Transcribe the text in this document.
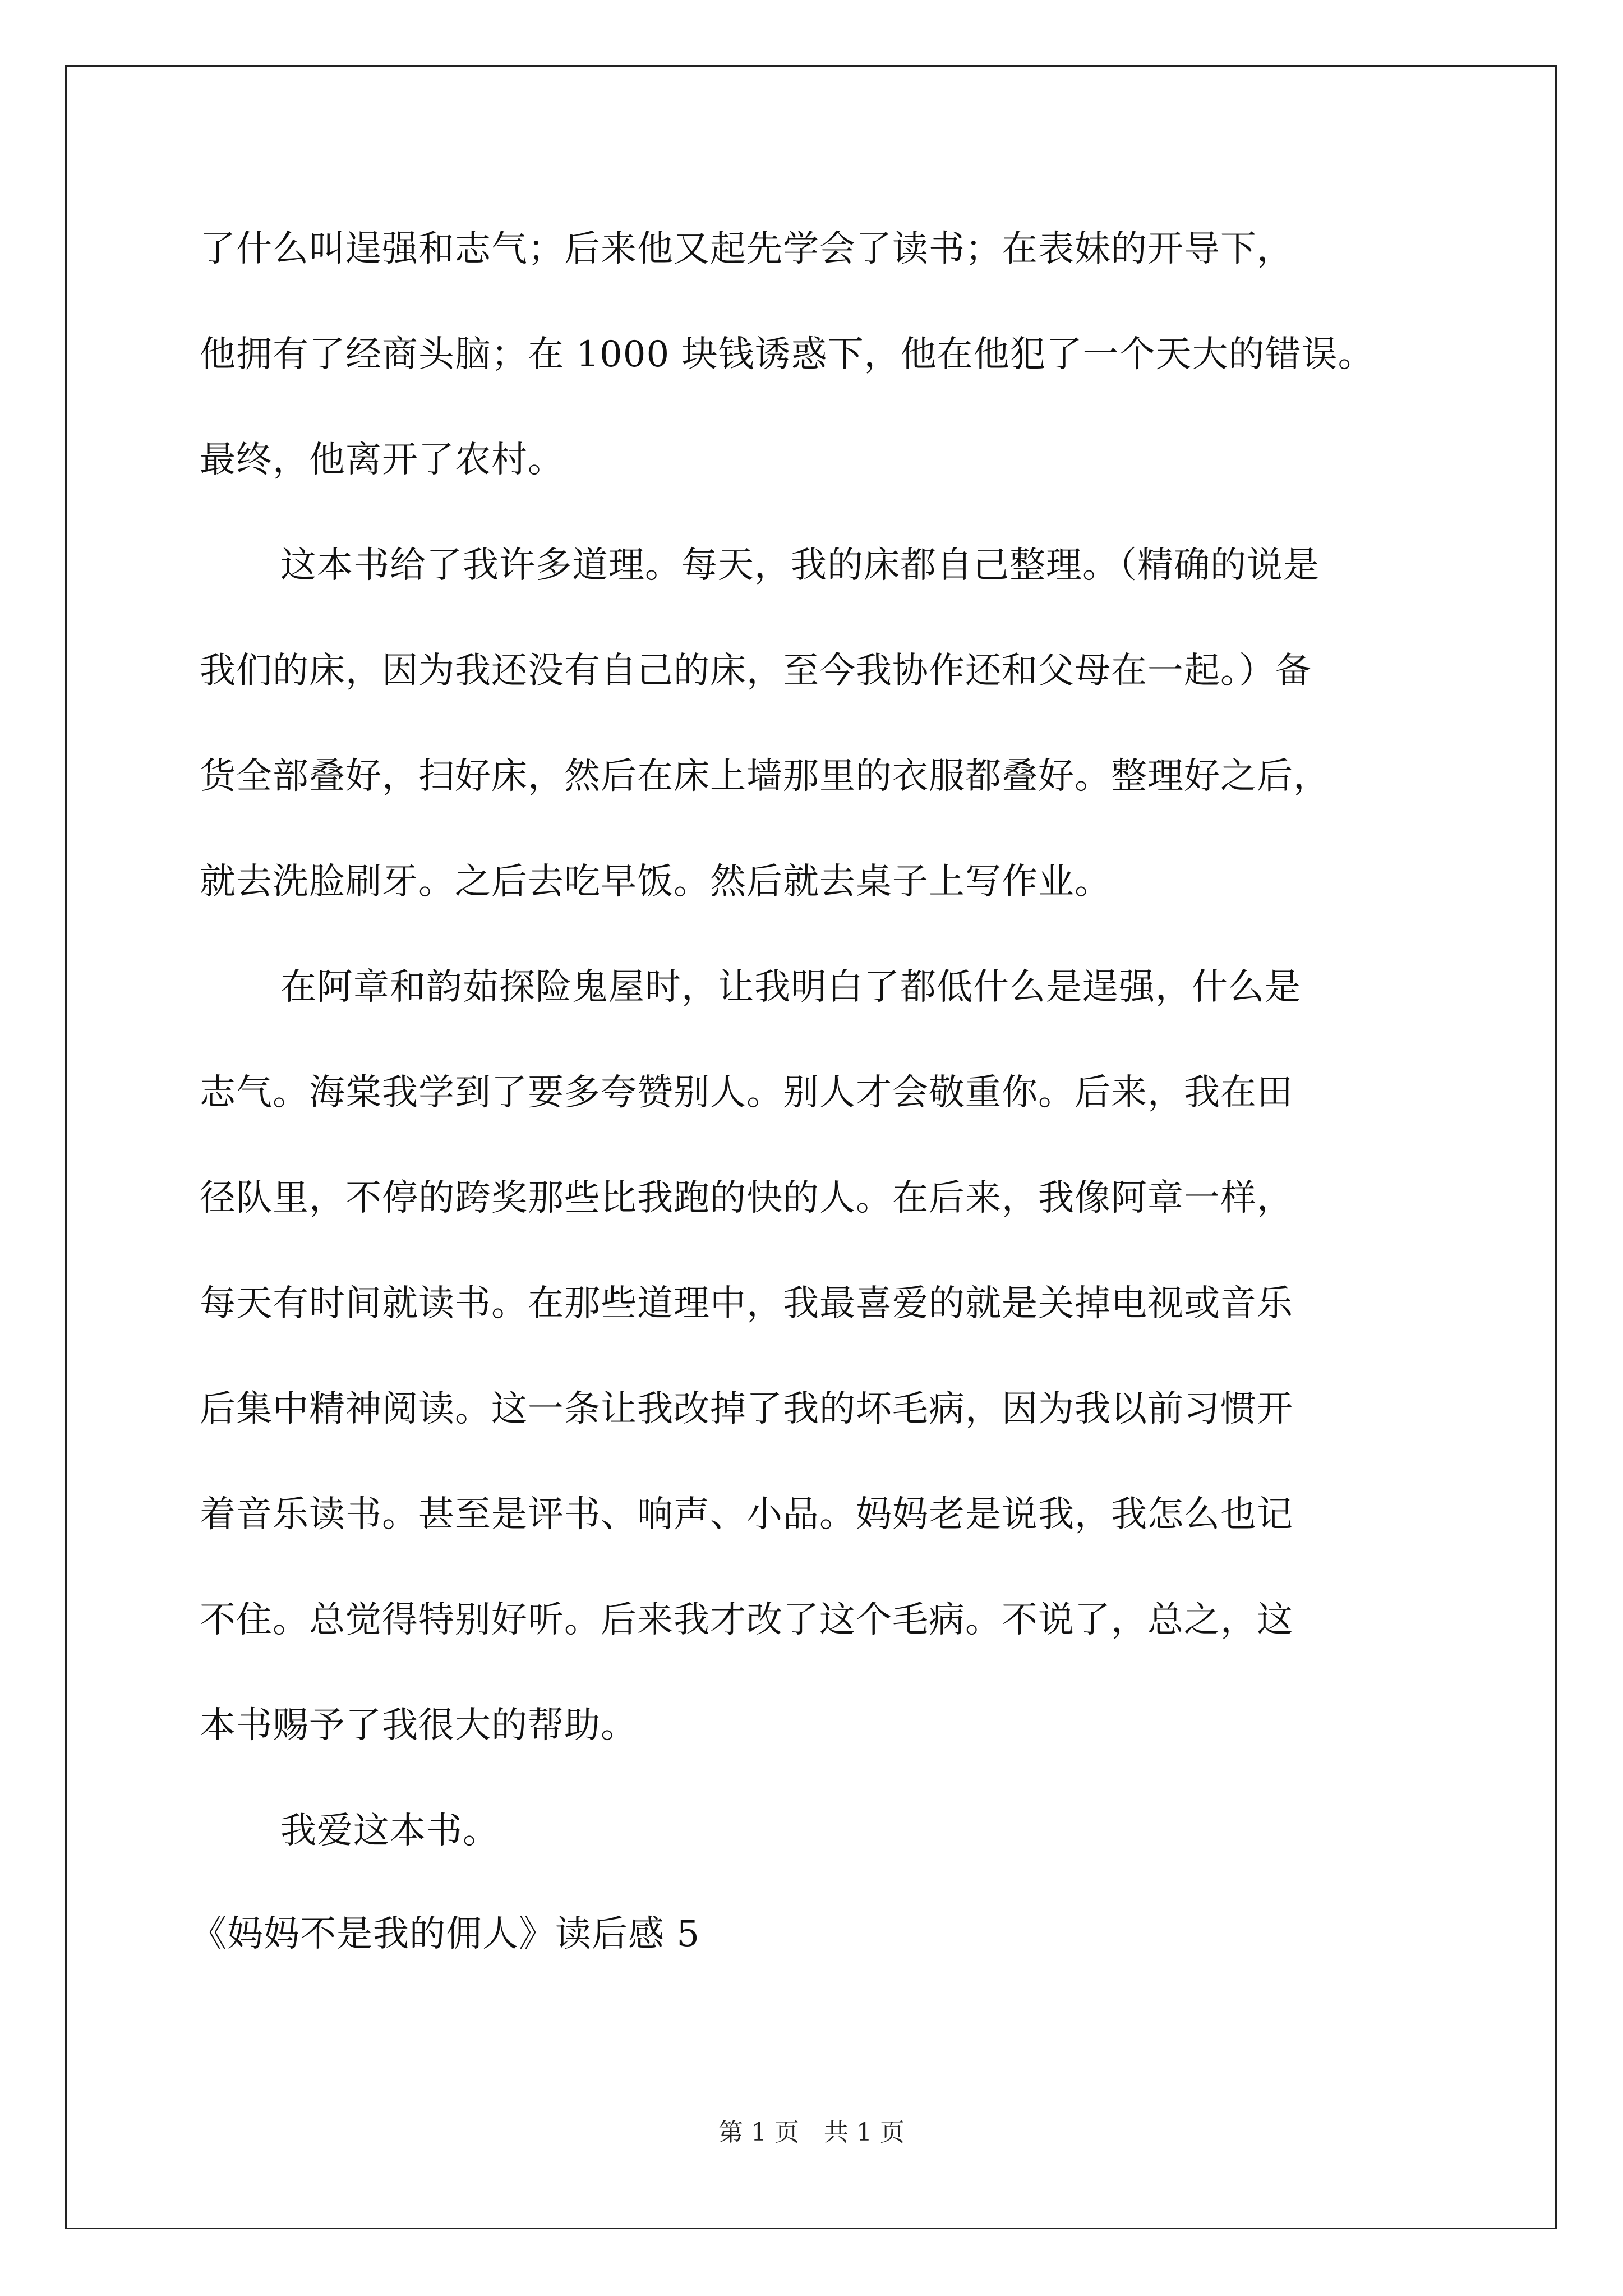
了什么叫逞强和志气；后来他又起先学会了读书；在表妹的开导下，
他拥有了经商头脑；在 1000 块钱诱惑下，他在他犯了一个天大的错误。
最终，他离开了农村。
这本书给了我许多道理。每天，我的床都自己整理。（精确的说是
我们的床，因为我还没有自己的床，至今我协作还和父母在一起。）备
货全部叠好，扫好床，然后在床上墙那里的衣服都叠好。整理好之后，
就去洗脸刷牙。之后去吃早饭。然后就去桌子上写作业。
在阿章和韵茹探险鬼屋时，让我明白了都低什么是逞强，什么是
志气。海棠我学到了要多夸赞别人。别人才会敬重你。后来，我在田
径队里，不停的跨奖那些比我跑的快的人。在后来，我像阿章一样，
每天有时间就读书。在那些道理中，我最喜爱的就是关掉电视或音乐
后集中精神阅读。这一条让我改掉了我的坏毛病，因为我以前习惯开
着音乐读书。甚至是评书、响声、小品。妈妈老是说我，我怎么也记
不住。总觉得特别好听。后来我才改了这个毛病。不说了，总之，这
本书赐予了我很大的帮助。
我爱这本书。
《妈妈不是我的佣人》读后感 5
第 1 页　共 1 页
